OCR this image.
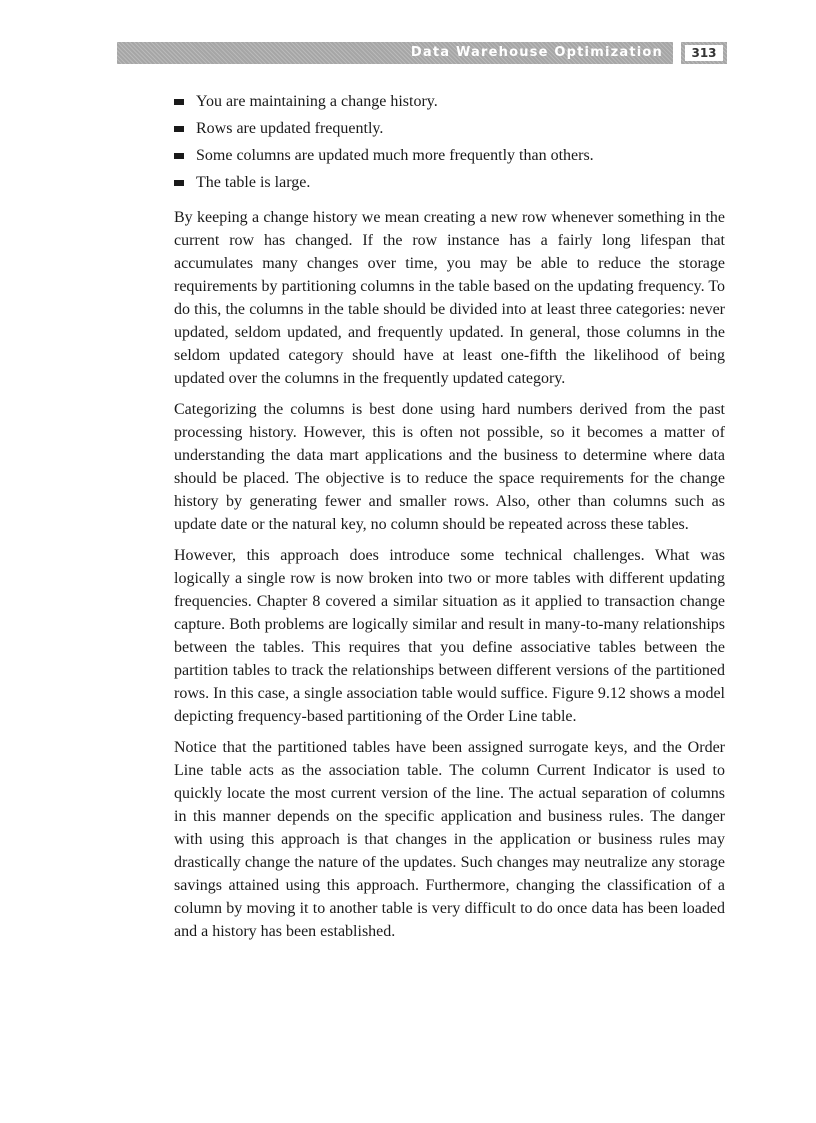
Data Warehouse Optimization	313
You are maintaining a change history.
Rows are updated frequently.
Some columns are updated much more frequently than others.
The table is large.

By keeping a change history we mean creating a new row whenever something in the current row has changed. If the row instance has a fairly long lifespan that accumulates many changes over time, you may be able to reduce the storage requirements by partitioning columns in the table based on the updating frequency. To do this, the columns in the table should be divided into at least three categories: never updated, seldom updated, and frequently updated. In general, those columns in the seldom updated category should have at least one-fifth the likelihood of being updated over the columns in the frequently updated category.

Categorizing the columns is best done using hard numbers derived from the past processing history. However, this is often not possible, so it becomes a matter of understanding the data mart applications and the business to determine where data should be placed. The objective is to reduce the space requirements for the change history by generating fewer and smaller rows. Also, other than columns such as update date or the natural key, no column should be repeated across these tables.

However, this approach does introduce some technical challenges. What was logically a single row is now broken into two or more tables with different updating frequencies. Chapter 8 covered a similar situation as it applied to transaction change capture. Both problems are logically similar and result in many-to-many relationships between the tables. This requires that you define associative tables between the partition tables to track the relationships between different versions of the partitioned rows. In this case, a single association table would suffice. Figure 9.12 shows a model depicting frequency-based partitioning of the Order Line table.

Notice that the partitioned tables have been assigned surrogate keys, and the Order Line table acts as the association table. The column Current Indicator is used to quickly locate the most current version of the line. The actual separation of columns in this manner depends on the specific application and business rules. The danger with using this approach is that changes in the application or business rules may drastically change the nature of the updates. Such changes may neutralize any storage savings attained using this approach. Furthermore, changing the classification of a column by moving it to another table is very difficult to do once data has been loaded and a history has been established.
